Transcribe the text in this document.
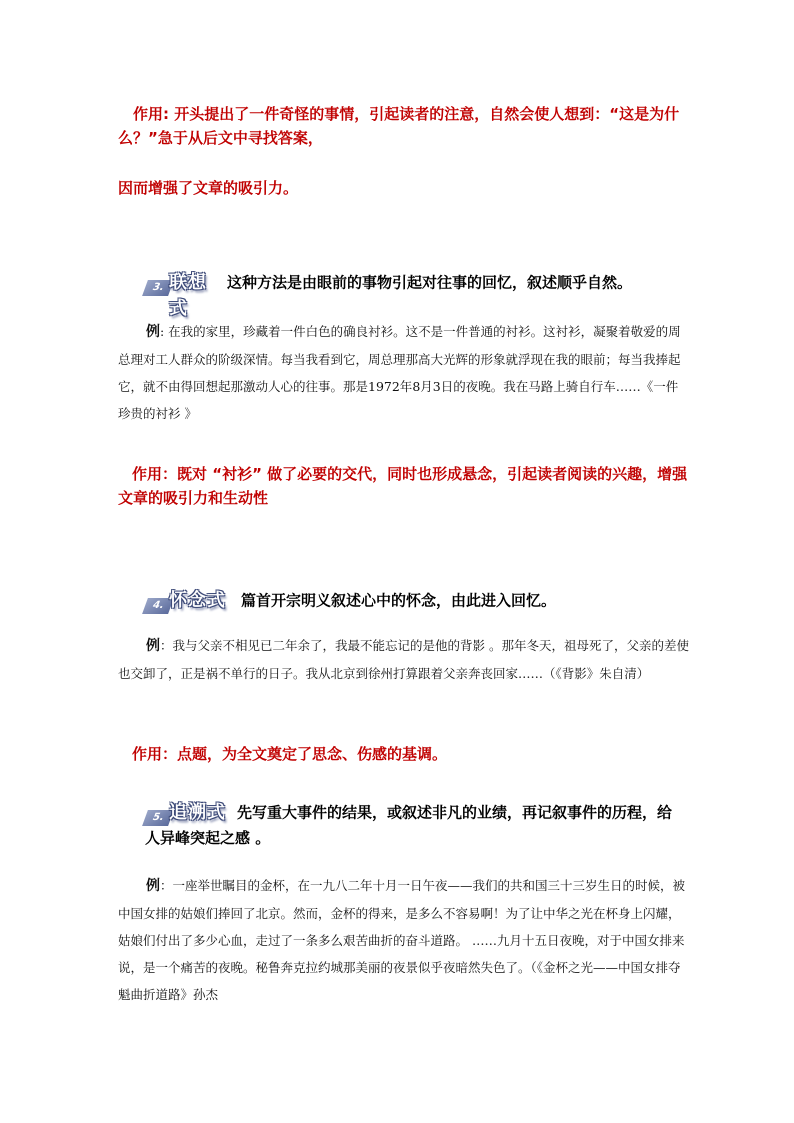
作用: 开头提出了一件奇怪的事情，引起读者的注意，自然会使人想到：“这是为什么？”急于从后文中寻找答案，
因而增强了文章的吸引力。
3. 联想式
这种方法是由眼前的事物引起对往事的回忆，叙述顺乎自然。
例: 在我的家里，珍藏着一件白色的确良衬衫。这不是一件普通的衬衫。这衬衫，凝聚着敬爱的周总理对工人群众的阶级深情。每当我看到它，周总理那高大光辉的形象就浮现在我的眼前；每当我捧起它，就不由得回想起那激动人心的往事。那是1972年8月3日的夜晚。我在马路上骑自行车……《一件珍贵的衬衫 》
作用：既对 “衬衫” 做了必要的交代，同时也形成悬念，引起读者阅读的兴趣，增强文章的吸引力和生动性
4. 怀念式	篇首开宗明义叙述心中的怀念，由此进入回忆。
例：我与父亲不相见已二年余了，我最不能忘记的是他的背影 。那年冬天，祖母死了，父亲的差使也交卸了，正是祸不单行的日子。我从北京到徐州打算跟着父亲奔丧回家……（《背影》朱自清）
作用：点题，为全文奠定了思念、伤感的基调。
5. 追溯式 先写重大事件的结果，或叙述非凡的业绩，再记叙事件的历程，给人异峰突起之感 。
例：一座举世瞩目的金杯，在一九八二年十月一日午夜——我们的共和国三十三岁生日的时候，被中国女排的姑娘们捧回了北京。然而，金杯的得来，是多么不容易啊！为了让中华之光在杯身上闪耀，姑娘们付出了多少心血，走过了一条多么艰苦曲折的奋斗道路。 ……九月十五日夜晚，对于中国女排来说，是一个痛苦的夜晚。秘鲁奔克拉约城那美丽的夜景似乎夜暗然失色了。（《金杯之光——中国女排夺魁曲折道路》孙杰
